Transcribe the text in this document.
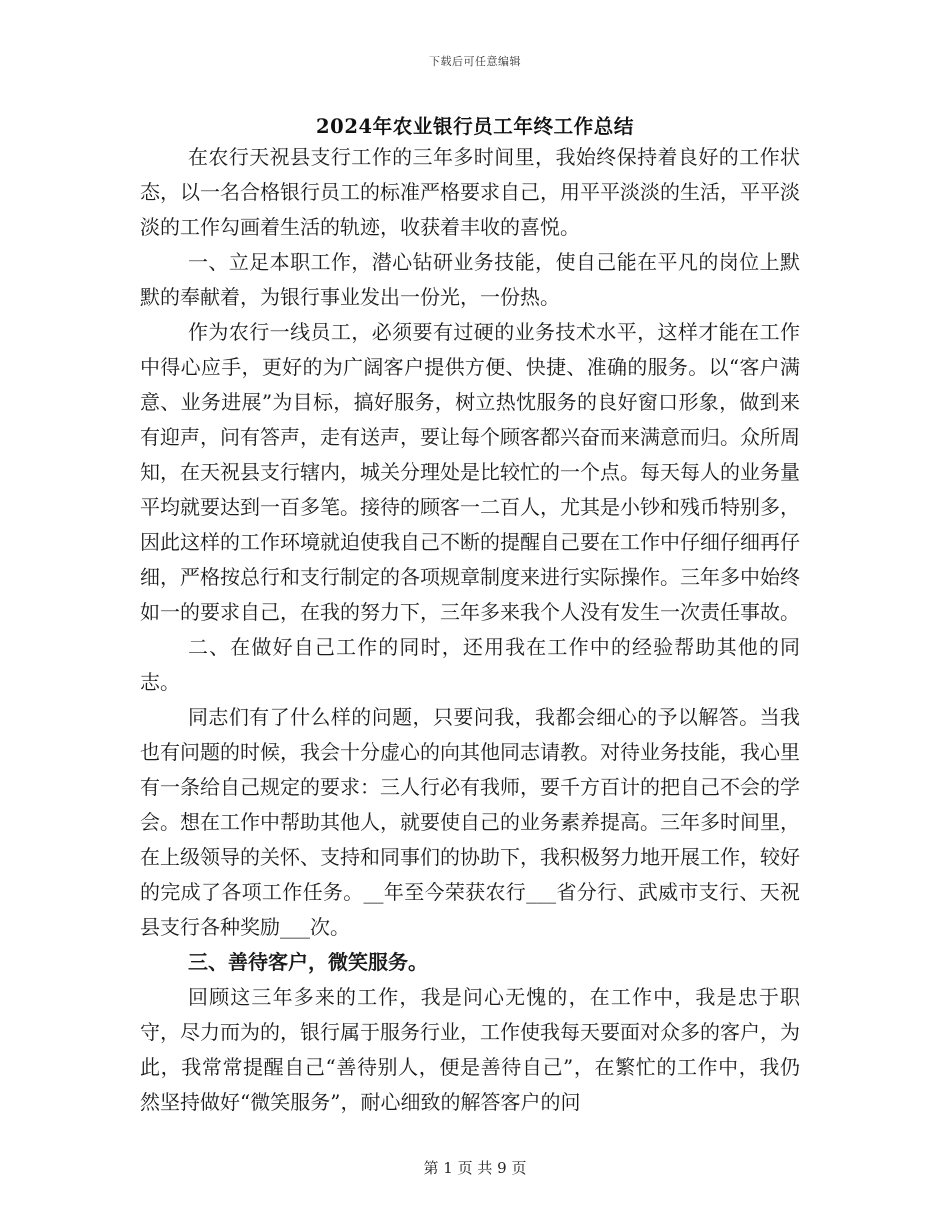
下载后可任意编辑
2024年农业银行员工年终工作总结

在农行天祝县支行工作的三年多时间里，我始终保持着良好的工作状态，以一名合格银行员工的标准严格要求自己，用平平淡淡的生活，平平淡淡的工作勾画着生活的轨迹，收获着丰收的喜悦。

一、立足本职工作，潜心钻研业务技能，使自己能在平凡的岗位上默默的奉献着，为银行事业发出一份光，一份热。

作为农行一线员工，必须要有过硬的业务技术水平，这样才能在工作中得心应手，更好的为广阔客户提供方便、快捷、准确的服务。以“客户满意、业务进展”为目标，搞好服务，树立热忱服务的良好窗口形象，做到来有迎声，问有答声，走有送声，要让每个顾客都兴奋而来满意而归。众所周知，在天祝县支行辖内，城关分理处是比较忙的一个点。每天每人的业务量平均就要达到一百多笔。接待的顾客一二百人，尤其是小钞和残币特别多，因此这样的工作环境就迫使我自己不断的提醒自己要在工作中仔细仔细再仔细，严格按总行和支行制定的各项规章制度来进行实际操作。三年多中始终如一的要求自己，在我的努力下，三年多来我个人没有发生一次责任事故。

二、在做好自己工作的同时，还用我在工作中的经验帮助其他的同志。

同志们有了什么样的问题，只要问我，我都会细心的予以解答。当我也有问题的时候，我会十分虚心的向其他同志请教。对待业务技能，我心里有一条给自己规定的要求：三人行必有我师，要千方百计的把自己不会的学会。想在工作中帮助其他人，就要使自己的业务素养提高。三年多时间里，在上级领导的关怀、支持和同事们的协助下，我积极努力地开展工作，较好的完成了各项工作任务。__年至今荣获农行___省分行、武威市支行、天祝县支行各种奖励___次。

三、善待客户，微笑服务。

回顾这三年多来的工作，我是问心无愧的，在工作中，我是忠于职守，尽力而为的，银行属于服务行业，工作使我每天要面对众多的客户，为此，我常常提醒自己“善待别人，便是善待自己”，在繁忙的工作中，我仍然坚持做好“微笑服务”，耐心细致的解答客户的问

第 1 页 共 9 页
